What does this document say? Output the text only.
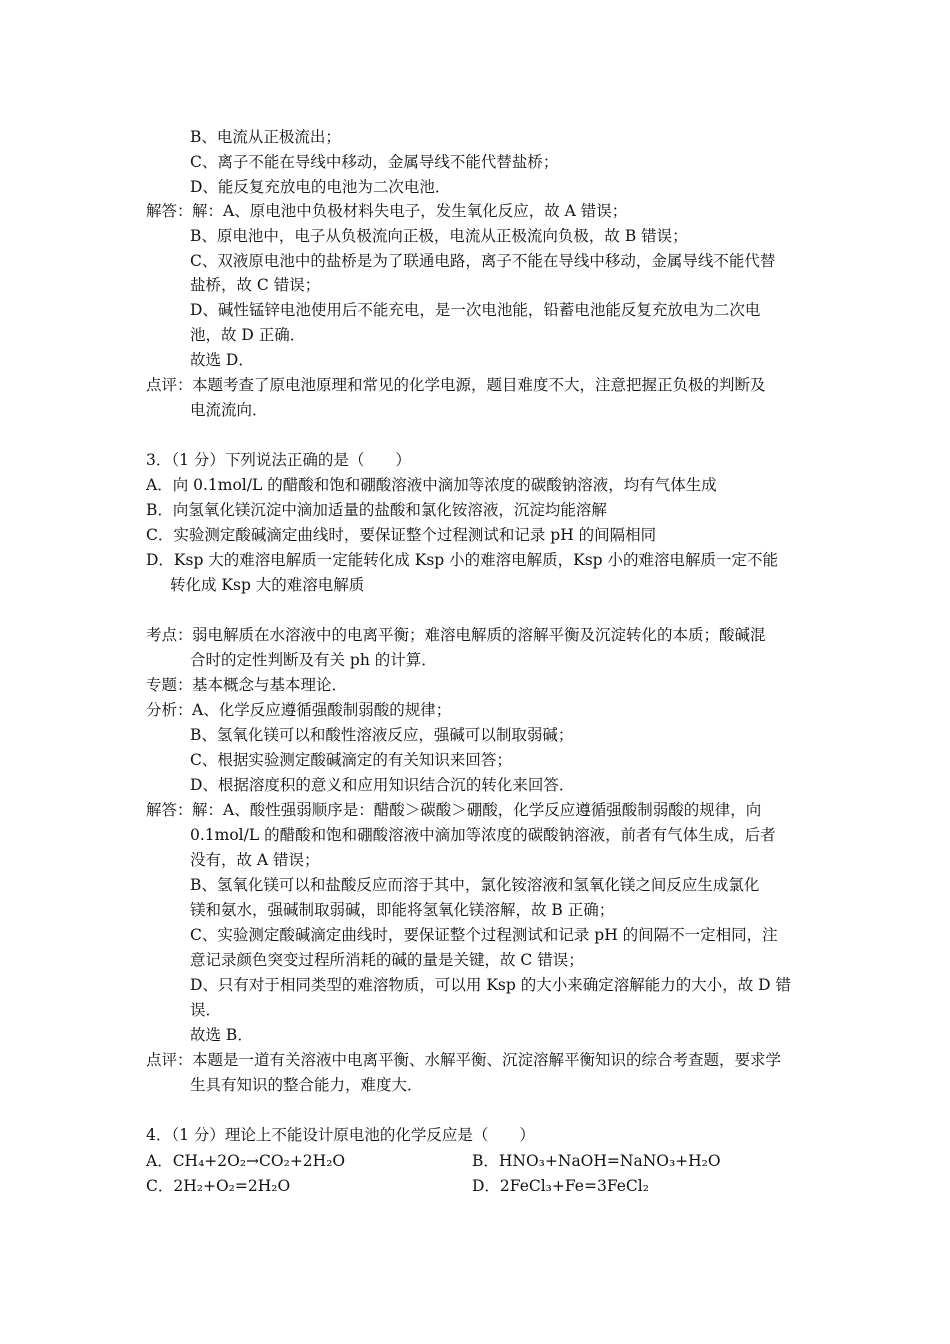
B、电流从正极流出；
C、离子不能在导线中移动，金属导线不能代替盐桥；
D、能反复充放电的电池为二次电池．
解答： 解：A、原电池中负极材料失电子，发生氧化反应，故 A 错误；
B、原电池中，电子从负极流向正极，电流从正极流向负极，故 B 错误；
C、双液原电池中的盐桥是为了联通电路，离子不能在导线中移动，金属导线不能代替
盐桥，故 C 错误；
D、碱性锰锌电池使用后不能充电，是一次电池能，铅蓄电池能反复充放电为二次电
池，故 D 正确．
故选 D．
点评： 本题考查了原电池原理和常见的化学电源，题目难度不大，注意把握正负极的判断及
电流流向．
3．（1 分）下列说法正确的是（　　）
A．向 0.1mol/L 的醋酸和饱和硼酸溶液中滴加等浓度的碳酸钠溶液，均有气体生成
B．向氢氧化镁沉淀中滴加适量的盐酸和氯化铵溶液，沉淀均能溶解
C．实验测定酸碱滴定曲线时，要保证整个过程测试和记录 pH 的间隔相同
D．Ksp 大的难溶电解质一定能转化成 Ksp 小的难溶电解质，Ksp 小的难溶电解质一定不能
转化成 Ksp 大的难溶电解质
考点： 弱电解质在水溶液中的电离平衡；难溶电解质的溶解平衡及沉淀转化的本质；酸碱混
合时的定性判断及有关 ph 的计算．
专题： 基本概念与基本理论．
分析： A、化学反应遵循强酸制弱酸的规律；
B、氢氧化镁可以和酸性溶液反应，强碱可以制取弱碱；
C、根据实验测定酸碱滴定的有关知识来回答；
D、根据溶度积的意义和应用知识结合沉的转化来回答．
解答： 解：A、酸性强弱顺序是：醋酸＞碳酸＞硼酸，化学反应遵循强酸制弱酸的规律，向
0.1mol/L 的醋酸和饱和硼酸溶液中滴加等浓度的碳酸钠溶液，前者有气体生成，后者
没有，故 A 错误；
B、氢氧化镁可以和盐酸反应而溶于其中，氯化铵溶液和氢氧化镁之间反应生成氯化
镁和氨水，强碱制取弱碱，即能将氢氧化镁溶解，故 B 正确；
C、实验测定酸碱滴定曲线时，要保证整个过程测试和记录 pH 的间隔不一定相同，注
意记录颜色突变过程所消耗的碱的量是关键，故 C 错误；
D、只有对于相同类型的难溶物质，可以用 Ksp 的大小来确定溶解能力的大小，故 D 错
误．
故选 B．
点评： 本题是一道有关溶液中电离平衡、水解平衡、沉淀溶解平衡知识的综合考查题，要求学
生具有知识的整合能力，难度大．
4．（1 分）理论上不能设计原电池的化学反应是（　　）
A．CH₄+2O₂→CO₂+2H₂O	B．HNO₃+NaOH=NaNO₃+H₂O
C．2H₂+O₂=2H₂O	D．2FeCl₃+Fe=3FeCl₂
